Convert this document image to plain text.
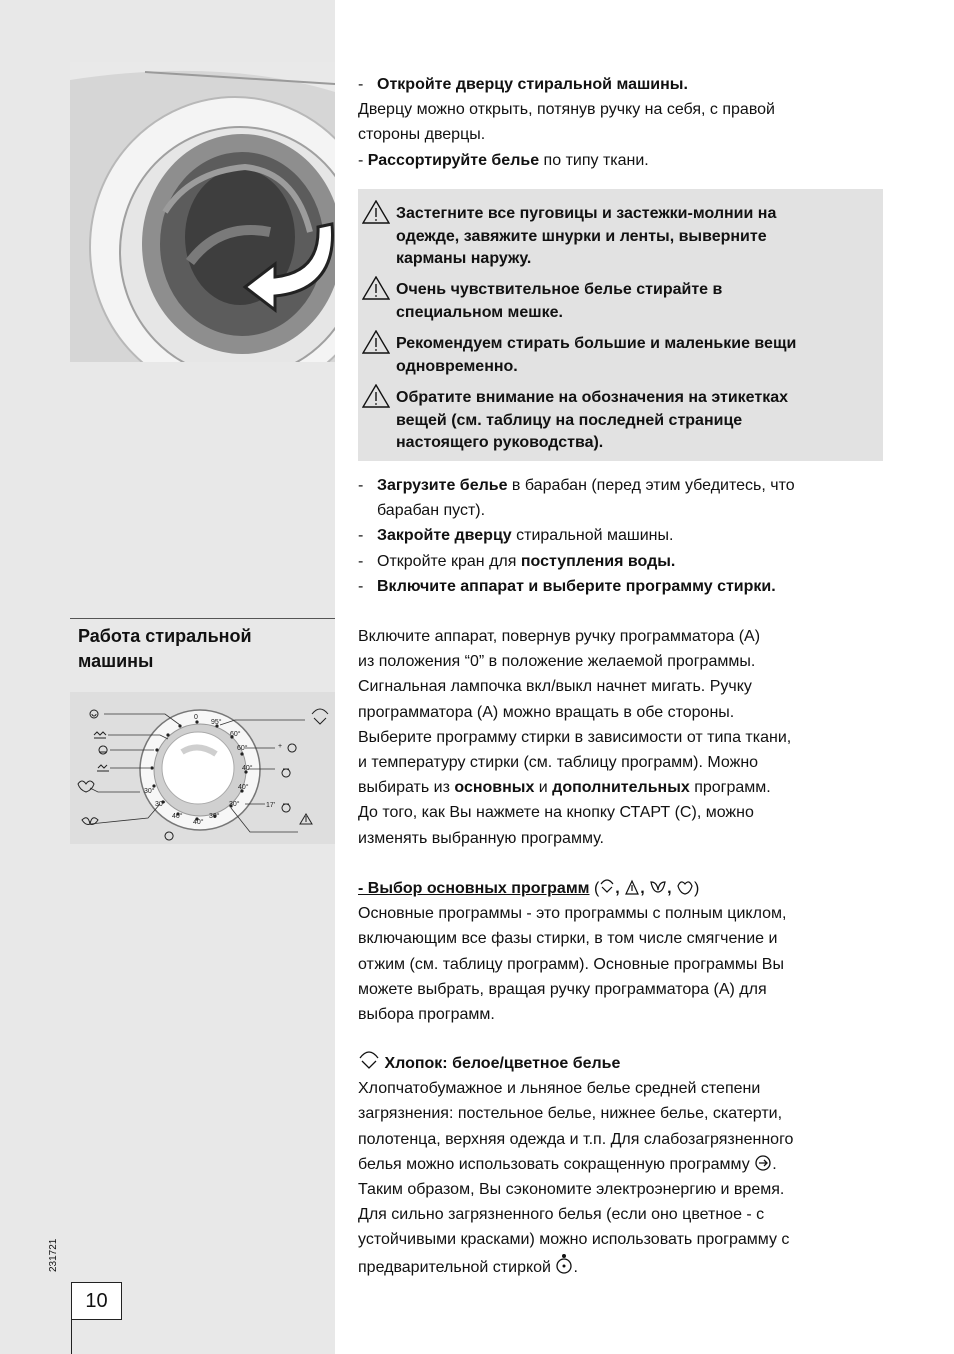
- Откройте дверцу стиральной машины.
Дверцу можно открыть, потянув ручку на себя, с правой
стороны дверцы.
- Рассортируйте белье по типу ткани.
Застегните все пуговицы и застежки-молнии на
одежде, завяжите шнурки и ленты, выверните
карманы наружу.
Очень чувствительное белье стирайте в
специальном мешке.
Рекомендуем стирать большие и маленькие вещи
одновременно.
Обратите внимание на обозначения на этикетках
вещей (см. таблицу на последней странице
настоящего руководства).
- Загрузите белье в барабан (перед этим убедитесь, что
барабан пуст).
- Закройте дверцу стиральной машины.
- Откройте кран для поступления воды.
- Включите аппарат и выберите программу стирки.
Работа стиральной
машины
0
95°
60°
60°
40°
40°
30°
40°
40°
30°
30°
30°
17'
+
Включите аппарат, повернув ручку программатора (A)
из положения “0” в положение желаемой программы.
Сигнальная лампочка вкл/выкл начнет мигать. Ручку
программатора (A) можно вращать в обе стороны.
Выберите программу стирки в зависимости от типа ткани,
и температуру стирки (см. таблицу программ). Можно
выбирать из основных и дополнительных программ.
До того, как Вы нажмете на кнопку СТАРТ (C), можно
изменять выбранную программу.
- Выбор основных программ ( , , , )
Основные программы - это программы с полным циклом,
включающим все фазы стирки, в том числе смягчение и
отжим (см. таблицу программ). Основные программы Вы
можете выбрать, вращая ручку программатора (A) для
выбора программ.
Хлопок: белое/цветное белье
Хлопчатобумажное и льняное белье средней степени
загрязнения: постельное белье, нижнее белье, скатерти,
полотенца, верхняя одежда и т.п. Для слабозагрязненного
белья можно использовать сокращенную программу .
Таким образом, Вы сэкономите электроэнергию и время.
Для сильно загрязненного белья (если оно цветное - с
устойчивыми красками) можно использовать программу с
предварительной стиркой .
231721
10
